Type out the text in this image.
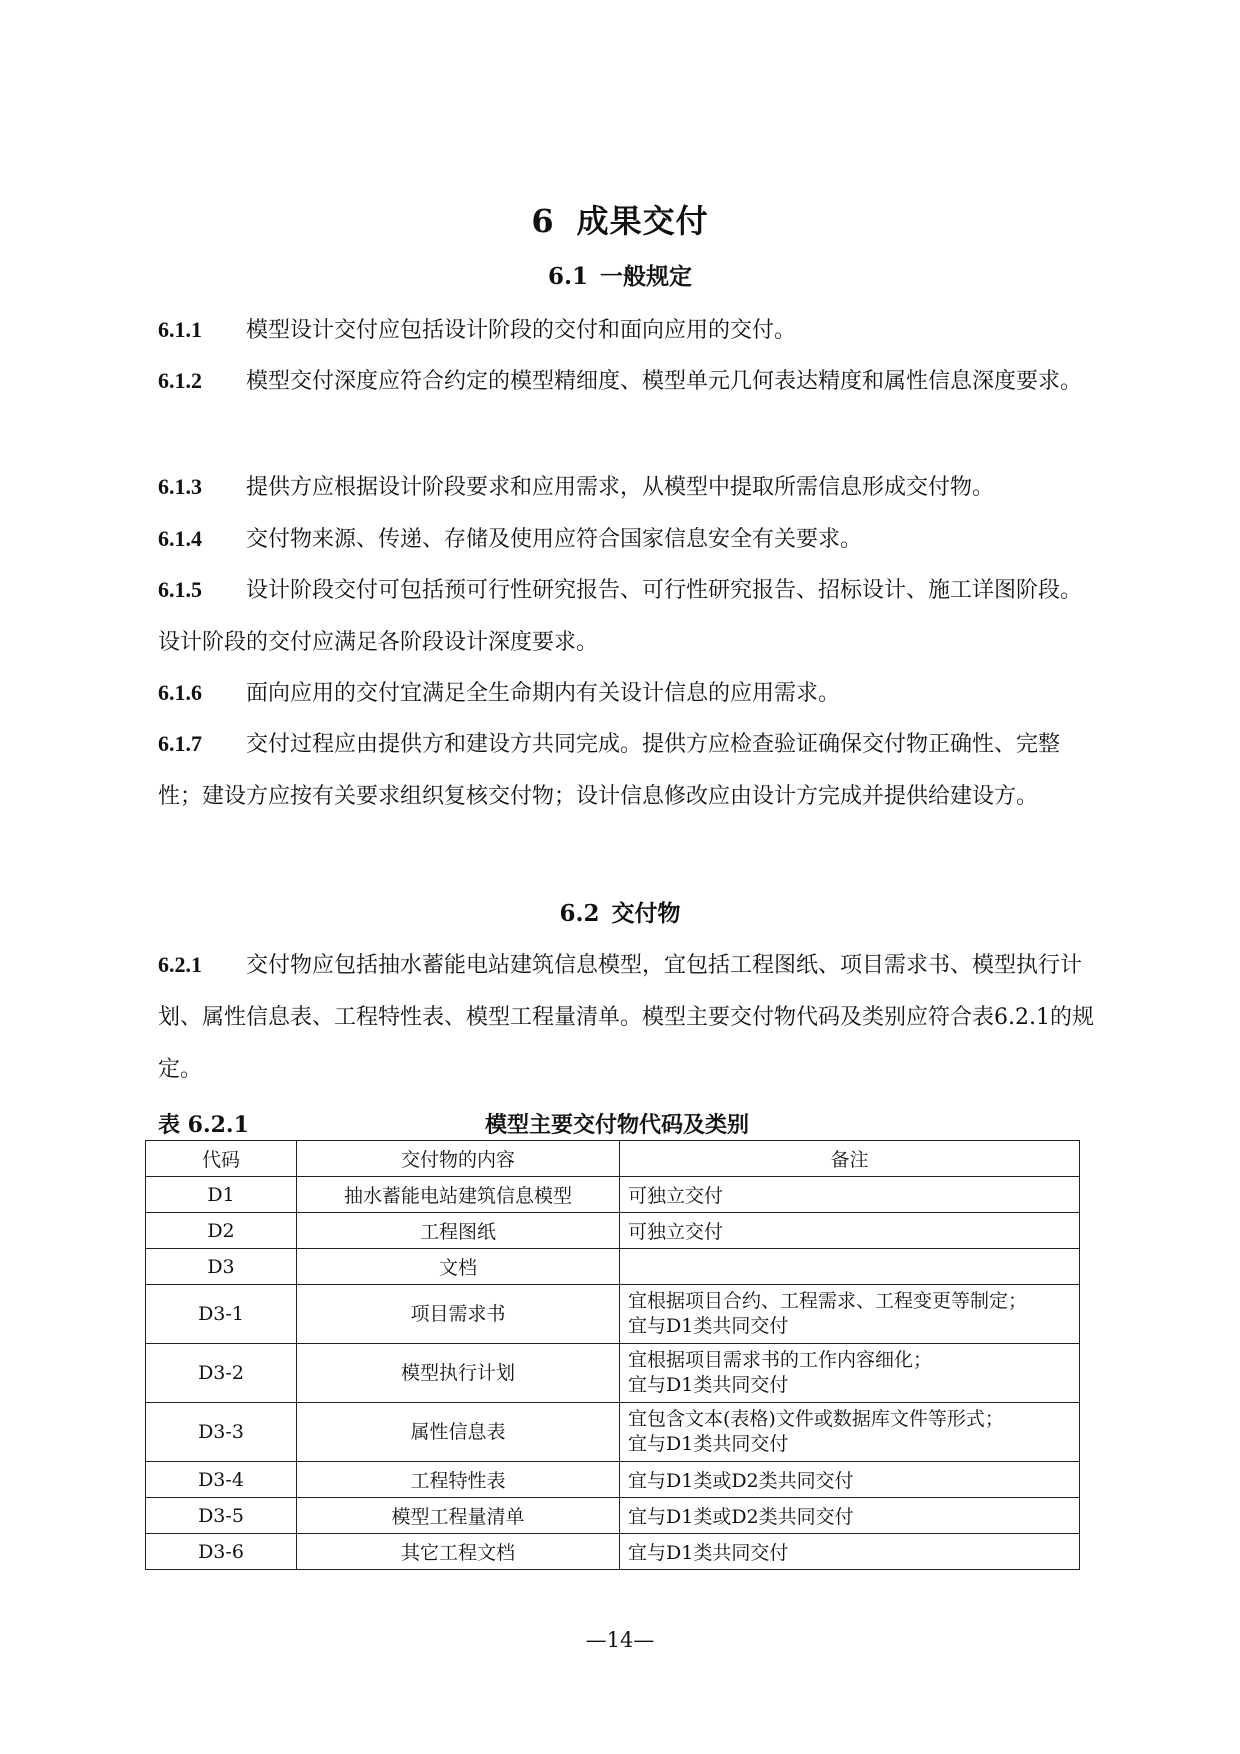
6 成果交付
6.1 一般规定
6.1.1 模型设计交付应包括设计阶段的交付和面向应用的交付。
6.1.2 模型交付深度应符合约定的模型精细度、模型单元几何表达精度和属性信息深度要求。
6.1.3 提供方应根据设计阶段要求和应用需求，从模型中提取所需信息形成交付物。
6.1.4 交付物来源、传递、存储及使用应符合国家信息安全有关要求。
6.1.5 设计阶段交付可包括预可行性研究报告、可行性研究报告、招标设计、施工详图阶段。设计阶段的交付应满足各阶段设计深度要求。
6.1.6 面向应用的交付宜满足全生命期内有关设计信息的应用需求。
6.1.7 交付过程应由提供方和建设方共同完成。提供方应检查验证确保交付物正确性、完整性；建设方应按有关要求组织复核交付物；设计信息修改应由设计方完成并提供给建设方。
6.2 交付物
6.2.1 交付物应包括抽水蓄能电站建筑信息模型，宜包括工程图纸、项目需求书、模型执行计划、属性信息表、工程特性表、模型工程量清单。模型主要交付物代码及类别应符合表6.2.1的规定。
表 6.2.1	模型主要交付物代码及类别
代码	交付物的内容	备注
D1	抽水蓄能电站建筑信息模型	可独立交付
D2	工程图纸	可独立交付
D3	文档	
D3-1	项目需求书	宜根据项目合约、工程需求、工程变更等制定；
宜与D1类共同交付

D3-2	模型执行计划	宜根据项目需求书的工作内容细化；
宜与D1类共同交付

D3-3	属性信息表	宜包含文本(表格)文件或数据库文件等形式；
宜与D1类共同交付

D3-4	工程特性表	宜与D1类或D2类共同交付
D3-5	模型工程量清单	宜与D1类或D2类共同交付
D3-6	其它工程文档	宜与D1类共同交付
—14—
